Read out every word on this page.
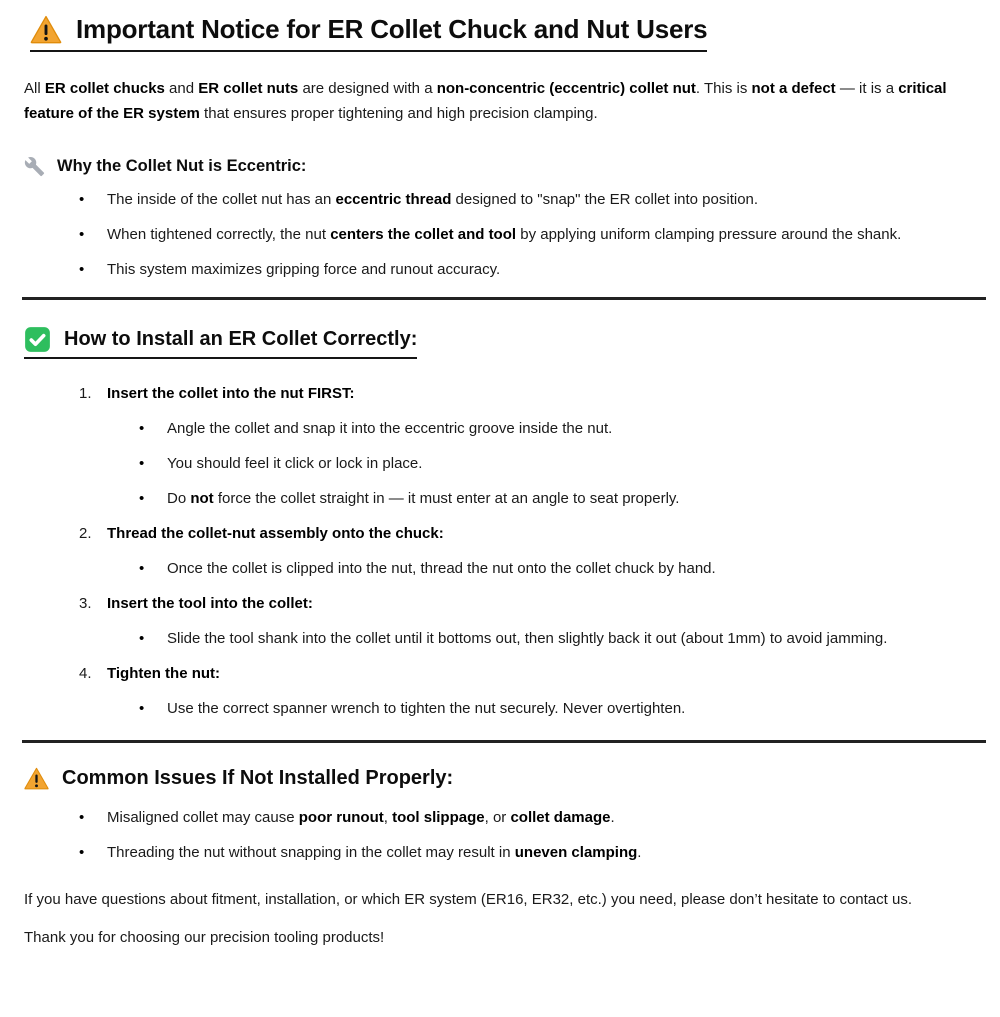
Important Notice for ER Collet Chuck and Nut Users

All ER collet chucks and ER collet nuts are designed with a non-concentric (eccentric) collet nut. This is not a defect — it is a critical feature of the ER system that ensures proper tightening and high precision clamping.

Why the Collet Nut is Eccentric:
• The inside of the collet nut has an eccentric thread designed to "snap" the ER collet into position.
• When tightened correctly, the nut centers the collet and tool by applying uniform clamping pressure around the shank.
• This system maximizes gripping force and runout accuracy.
How to Install an ER Collet Correctly:
1.	Insert the collet into the nut FIRST:
• Angle the collet and snap it into the eccentric groove inside the nut.
• You should feel it click or lock in place.
• Do not force the collet straight in — it must enter at an angle to seat properly.
2.	Thread the collet-nut assembly onto the chuck:
• Once the collet is clipped into the nut, thread the nut onto the collet chuck by hand.
3.	Insert the tool into the collet:
• Slide the tool shank into the collet until it bottoms out, then slightly back it out (about 1mm) to avoid jamming.
4.	Tighten the nut:
• Use the correct spanner wrench to tighten the nut securely. Never overtighten.
Common Issues If Not Installed Properly:
• Misaligned collet may cause poor runout, tool slippage, or collet damage.
• Threading the nut without snapping in the collet may result in uneven clamping.

If you have questions about fitment, installation, or which ER system (ER16, ER32, etc.) you need, please don’t hesitate to contact us.

Thank you for choosing our precision tooling products!
